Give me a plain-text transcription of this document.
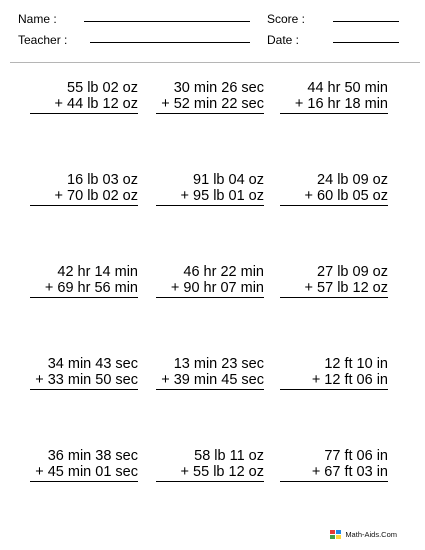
Name :
Teacher :
Score :
Date :
55 lb 02 oz
+ 44 lb 12 oz
30 min 26 sec
+ 52 min 22 sec
44 hr 50 min
+ 16 hr 18 min
16 lb 03 oz
+ 70 lb 02 oz
91 lb 04 oz
+ 95 lb 01 oz
24 lb 09 oz
+ 60 lb 05 oz
42 hr 14 min
+ 69 hr 56 min
46 hr 22 min
+ 90 hr 07 min
27 lb 09 oz
+ 57 lb 12 oz
34 min 43 sec
+ 33 min 50 sec
13 min 23 sec
+ 39 min 45 sec
12 ft 10 in
+ 12 ft 06 in
36 min 38 sec
+ 45 min 01 sec
58 lb 11 oz
+ 55 lb 12 oz
77 ft 06 in
+ 67 ft 03 in
Math-Aids.Com
